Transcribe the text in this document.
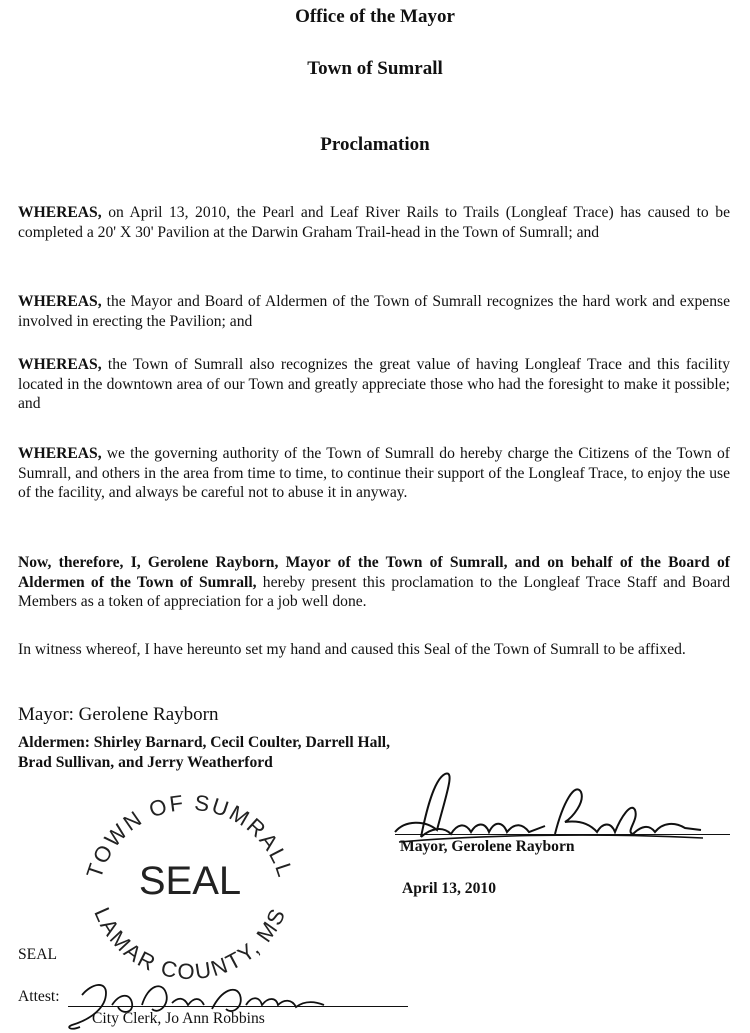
Office of the Mayor
Town of Sumrall
Proclamation

WHEREAS, on April 13, 2010, the Pearl and Leaf River Rails to Trails (Longleaf Trace) has caused to be completed a 20' X 30' Pavilion at the Darwin Graham Trail-head in the Town of Sumrall; and

WHEREAS, the Mayor and Board of Aldermen of the Town of Sumrall recognizes the hard work and expense involved in erecting the Pavilion; and

WHEREAS, the Town of Sumrall also recognizes the great value of having Longleaf Trace and this facility located in the downtown area of our Town and greatly appreciate those who had the foresight to make it possible; and

WHEREAS, we the governing authority of the Town of Sumrall do hereby charge the Citizens of the Town of Sumrall, and others in the area from time to time, to continue their support of the Longleaf Trace, to enjoy the use of the facility, and always be careful not to abuse it in anyway.

Now, therefore, I, Gerolene Rayborn, Mayor of the Town of Sumrall, and on behalf of the Board of Aldermen of the Town of Sumrall, hereby present this proclamation to the Longleaf Trace Staff and Board Members as a token of appreciation for a job well done.

In witness whereof, I have hereunto set my hand and caused this Seal of the Town of Sumrall to be affixed.

Mayor: Gerolene Rayborn
Aldermen: Shirley Barnard, Cecil Coulter, Darrell Hall,
Brad Sullivan, and Jerry Weatherford
TOWN OF SUMRALL
SEAL
LAMAR COUNTY, MS
Mayor, Gerolene Rayborn
April 13, 2010
SEAL
Attest:
City Clerk, Jo Ann Robbins
